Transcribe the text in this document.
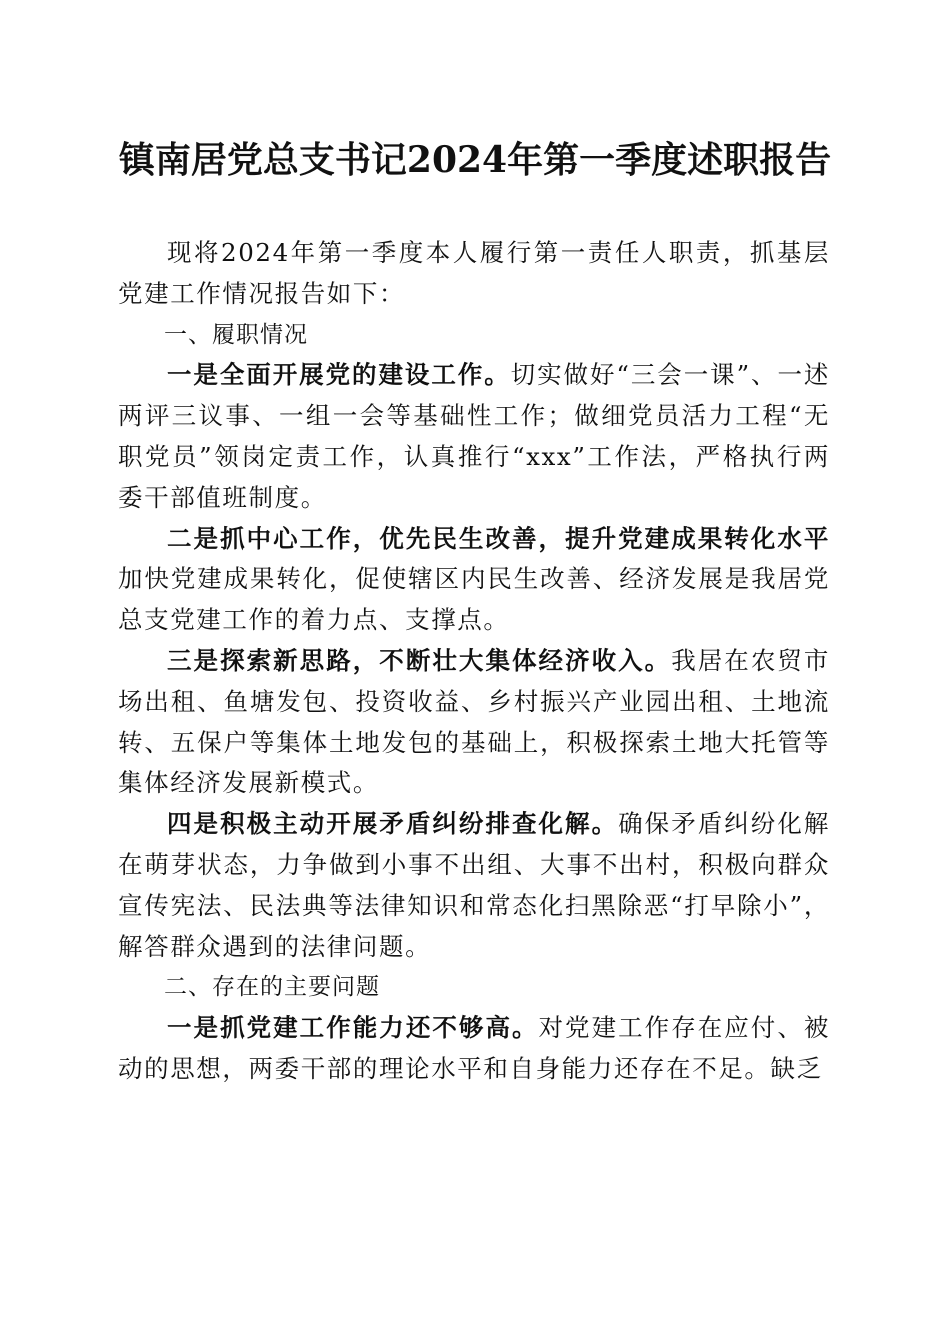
镇南居党总支书记2024年第一季度述职报告

现将2024年第一季度本人履行第一责任人职责，抓基层党建工作情况报告如下：

一、履职情况

一是全面开展党的建设工作。切实做好“三会一课”、一述两评三议事、一组一会等基础性工作；做细党员活力工程“无职党员”领岗定责工作，认真推行“xxx”工作法，严格执行两委干部值班制度。

二是抓中心工作，优先民生改善，提升党建成果转化水平加快党建成果转化，促使辖区内民生改善、经济发展是我居党总支党建工作的着力点、支撑点。

三是探索新思路，不断壮大集体经济收入。我居在农贸市场出租、鱼塘发包、投资收益、乡村振兴产业园出租、土地流转、五保户等集体土地发包的基础上，积极探索土地大托管等集体经济发展新模式。

四是积极主动开展矛盾纠纷排查化解。确保矛盾纠纷化解在萌芽状态，力争做到小事不出组、大事不出村，积极向群众宣传宪法、民法典等法律知识和常态化扫黑除恶“打早除小”，解答群众遇到的法律问题。

二、存在的主要问题

一是抓党建工作能力还不够高。对党建工作存在应付、被动的思想，两委干部的理论水平和自身能力还存在不足。缺乏
